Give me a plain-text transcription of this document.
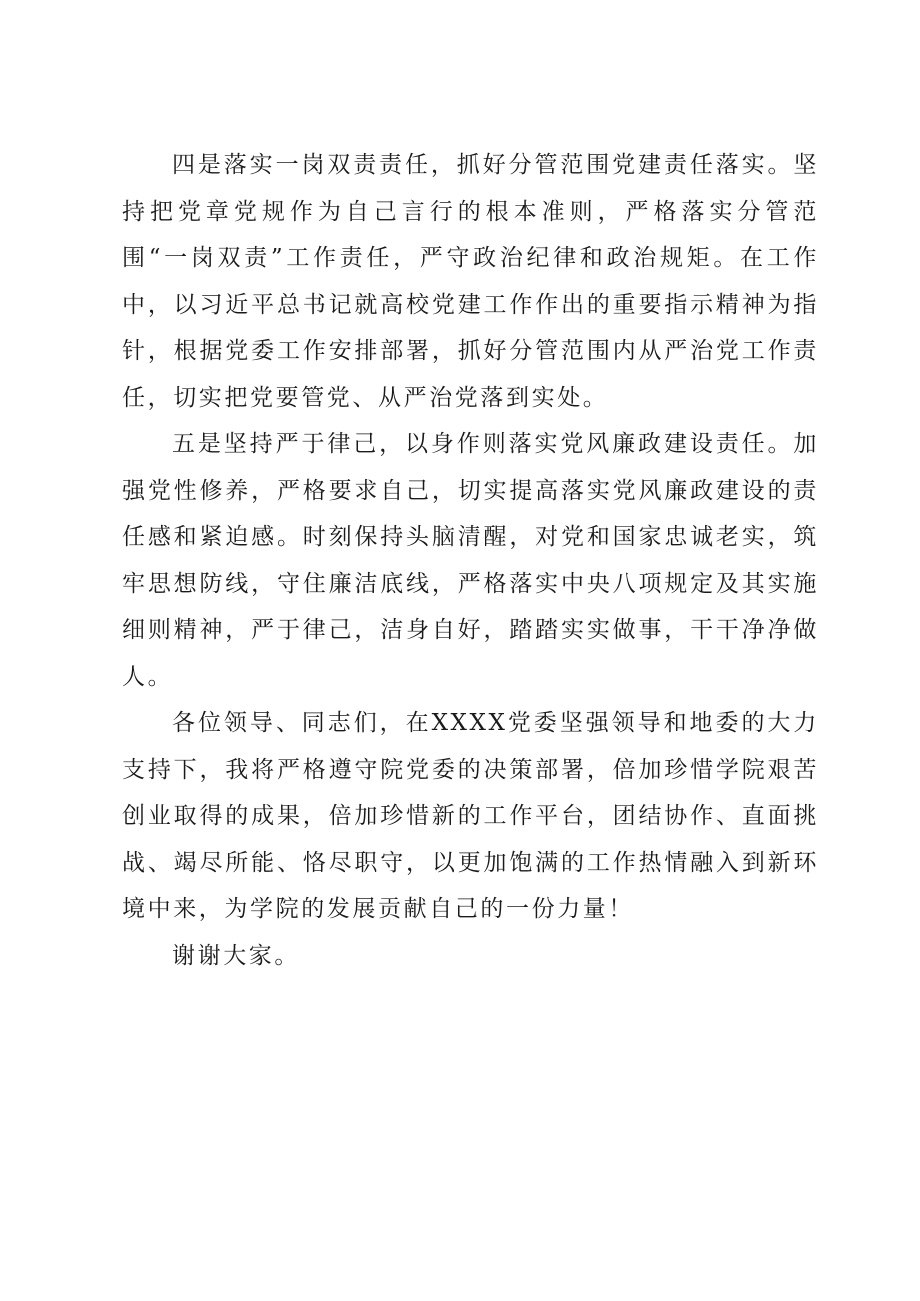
四是落实一岗双责责任，抓好分管范围党建责任落实。坚持把党章党规作为自己言行的根本准则，严格落实分管范围“一岗双责”工作责任，严守政治纪律和政治规矩。在工作中，以习近平总书记就高校党建工作作出的重要指示精神为指针，根据党委工作安排部署，抓好分管范围内从严治党工作责任，切实把党要管党、从严治党落到实处。

五是坚持严于律己，以身作则落实党风廉政建设责任。加强党性修养，严格要求自己，切实提高落实党风廉政建设的责任感和紧迫感。时刻保持头脑清醒，对党和国家忠诚老实，筑牢思想防线，守住廉洁底线，严格落实中央八项规定及其实施细则精神，严于律己，洁身自好，踏踏实实做事，干干净净做人。

各位领导、同志们，在XXXX党委坚强领导和地委的大力支持下，我将严格遵守院党委的决策部署，倍加珍惜学院艰苦创业取得的成果，倍加珍惜新的工作平台，团结协作、直面挑战、竭尽所能、恪尽职守，以更加饱满的工作热情融入到新环境中来，为学院的发展贡献自己的一份力量！

谢谢大家。
